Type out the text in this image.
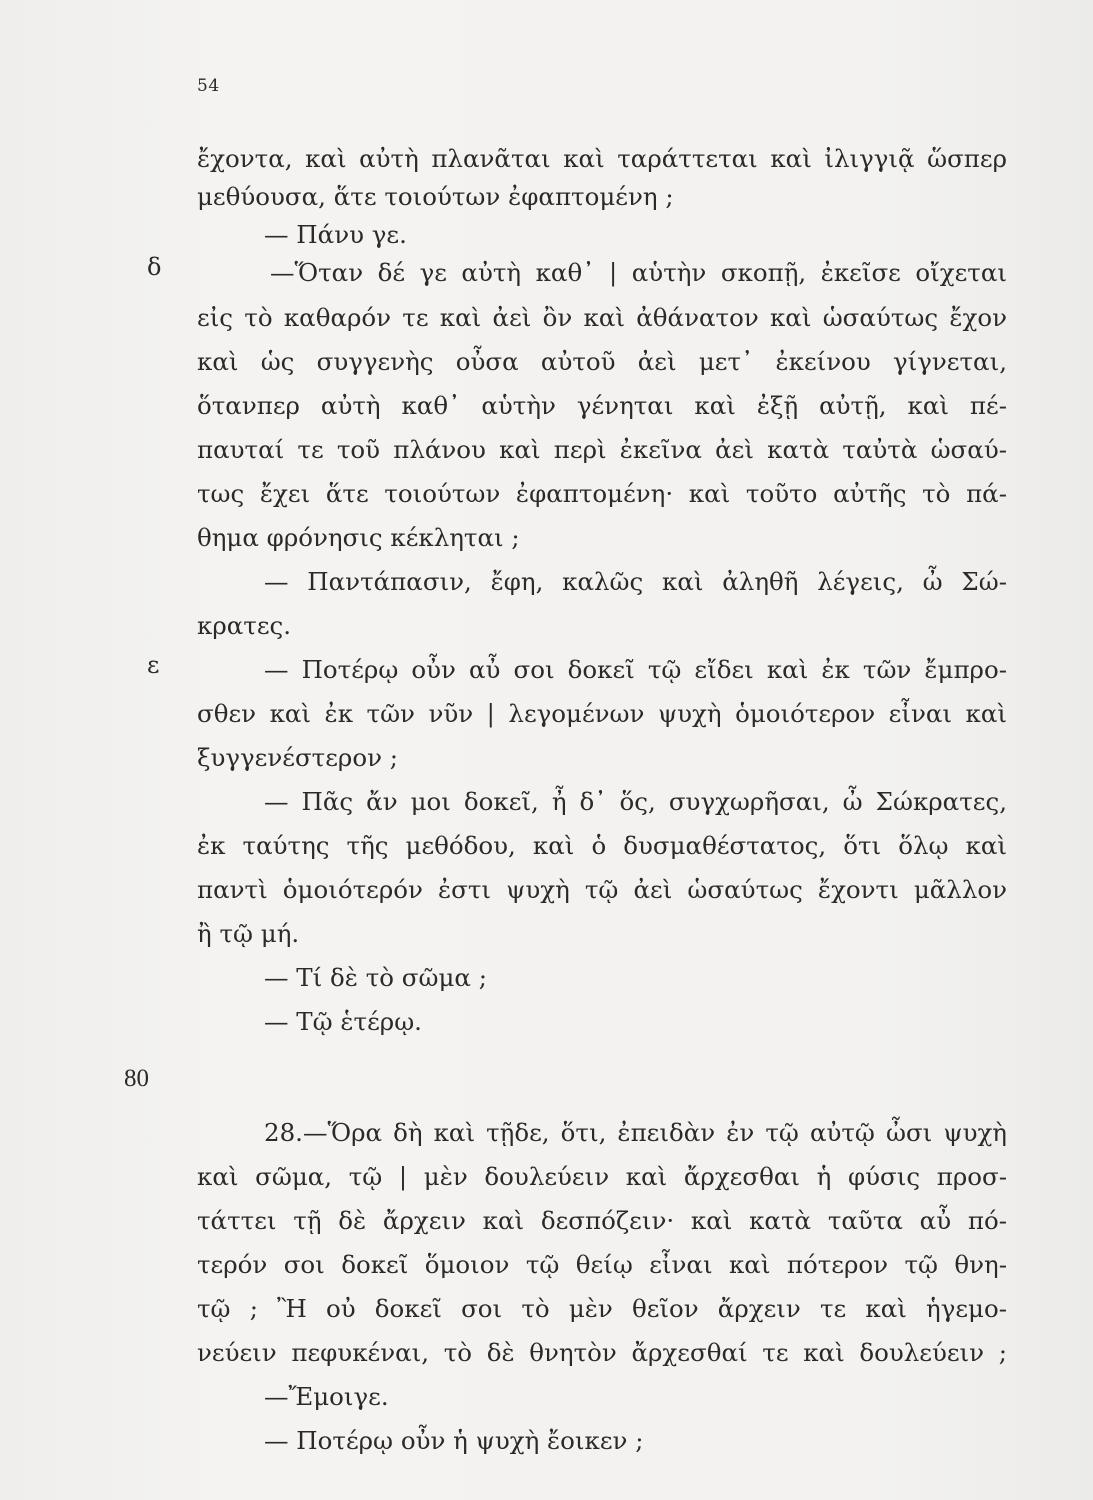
54
δ
ε
80
ἔχοντα, καὶ αὐτὴ πλανᾶται καὶ ταράττεται καὶ ἰλιγγιᾷ ὥσπερ
μεθύουσα, ἅτε τοιούτων ἐφαπτομένη ;
— Πάνυ γε.
—Ὅταν δέ γε αὐτὴ καθ᾽ | αὑτὴν σκοπῇ, ἐκεῖσε οἴχεται
εἰς τὸ καθαρόν τε καὶ ἀεὶ ὂν καὶ ἀθάνατον καὶ ὡσαύτως ἔχον
καὶ ὡς συγγενὴς οὖσα αὐτοῦ ἀεὶ μετ᾽ ἐκείνου γίγνεται,
ὅτανπερ αὐτὴ καθ᾽ αὑτὴν γένηται καὶ ἐξῇ αὐτῇ, καὶ πέ-
παυταί τε τοῦ πλάνου καὶ περὶ ἐκεῖνα ἀεὶ κατὰ ταὐτὰ ὡσαύ-
τως ἔχει ἅτε τοιούτων ἐφαπτομένη· καὶ τοῦτο αὐτῆς τὸ πά-
θημα φρόνησις κέκληται ;
— Παντάπασιν, ἔφη, καλῶς καὶ ἀληθῆ λέγεις, ὦ Σώ-
κρατες.
— Ποτέρῳ οὖν αὖ σοι δοκεῖ τῷ εἴδει καὶ ἐκ τῶν ἔμπρο-
σθεν καὶ ἐκ τῶν νῦν | λεγομένων ψυχὴ ὁμοιότερον εἶναι καὶ
ξυγγενέστερον ;
— Πᾶς ἄν μοι δοκεῖ, ἦ δ᾽ ὅς, συγχωρῆσαι, ὦ Σώκρατες,
ἐκ ταύτης τῆς μεθόδου, καὶ ὁ δυσμαθέστατος, ὅτι ὅλῳ καὶ
παντὶ ὁμοιότερόν ἐστι ψυχὴ τῷ ἀεὶ ὡσαύτως ἔχοντι μᾶλλον
ἢ τῷ μή.
— Τί δὲ τὸ σῶμα ;
— Τῷ ἑτέρῳ.
28.—Ὅρα δὴ καὶ τῇδε, ὅτι, ἐπειδὰν ἐν τῷ αὐτῷ ὦσι ψυχὴ
καὶ σῶμα, τῷ | μὲν δουλεύειν καὶ ἄρχεσθαι ἡ φύσις προσ-
τάττει τῇ δὲ ἄρχειν καὶ δεσπόζειν· καὶ κατὰ ταῦτα αὖ πό-
τερόν σοι δοκεῖ ὅμοιον τῷ θείῳ εἶναι καὶ πότερον τῷ θνη-
τῷ ; Ἢ οὐ δοκεῖ σοι τὸ μὲν θεῖον ἄρχειν τε καὶ ἡγεμο-
νεύειν πεφυκέναι, τὸ δὲ θνητὸν ἄρχεσθαί τε καὶ δουλεύειν ;
—Ἔμοιγε.
— Ποτέρῳ οὖν ἡ ψυχὴ ἔοικεν ;
